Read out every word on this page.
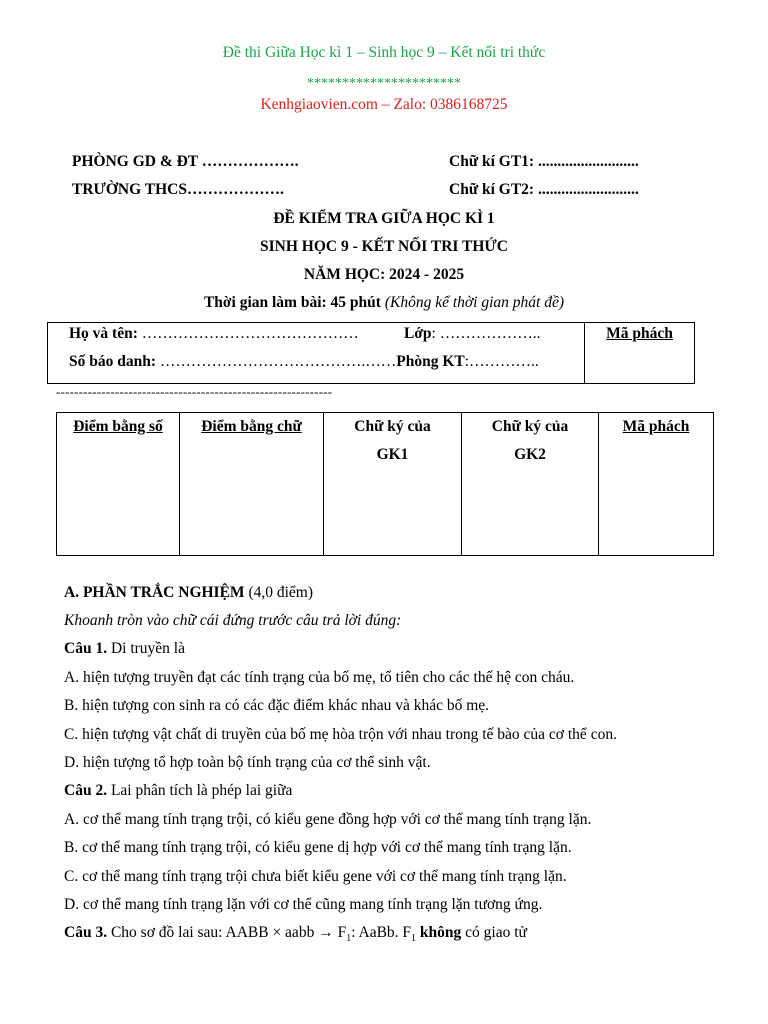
Đề thi Giữa Học kì 1 – Sinh học 9 – Kết nối tri thức
**********************
Kenhgiaovien.com – Zalo: 0386168725
PHÒNG GD & ĐT ……………….
TRƯỜNG THCS……………….
Chữ kí GT1: ..........................
Chữ kí GT2: ..........................
ĐỀ KIỂM TRA GIỮA HỌC KÌ 1
SINH HỌC 9 - KẾT NỐI TRI THỨC
NĂM HỌC: 2024 - 2025
Thời gian làm bài: 45 phút (Không kể thời gian phát đề)
Họ và tên: ……………………………………	Lớp: ………………..
Số báo danh: ………………………………….……Phòng KT:…………..
Mã phách
-------------------------------------------------------------
Điểm bằng số	Điểm bằng chữ	Chữ ký của GK1	Chữ ký của GK2	Mã phách
A. PHẦN TRẮC NGHIỆM (4,0 điểm)
Khoanh tròn vào chữ cái đứng trước câu trả lời đúng:
Câu 1. Di truyền là
A. hiện tượng truyền đạt các tính trạng của bố mẹ, tổ tiên cho các thế hệ con cháu.
B. hiện tượng con sinh ra có các đặc điểm khác nhau và khác bố mẹ.
C. hiện tượng vật chất di truyền của bố mẹ hòa trộn với nhau trong tế bào của cơ thể con.
D. hiện tượng tổ hợp toàn bộ tính trạng của cơ thể sinh vật.
Câu 2. Lai phân tích là phép lai giữa
A. cơ thể mang tính trạng trội, có kiểu gene đồng hợp với cơ thể mang tính trạng lặn.
B. cơ thể mang tính trạng trội, có kiểu gene dị hợp với cơ thể mang tính trạng lặn.
C. cơ thể mang tính trạng trội chưa biết kiểu gene với cơ thể mang tính trạng lặn.
D. cơ thể mang tính trạng lặn với cơ thể cũng mang tính trạng lặn tương ứng.
Câu 3. Cho sơ đồ lai sau: AABB × aabb → $F_1$: AaBb. $F_1$ không có giao tử
